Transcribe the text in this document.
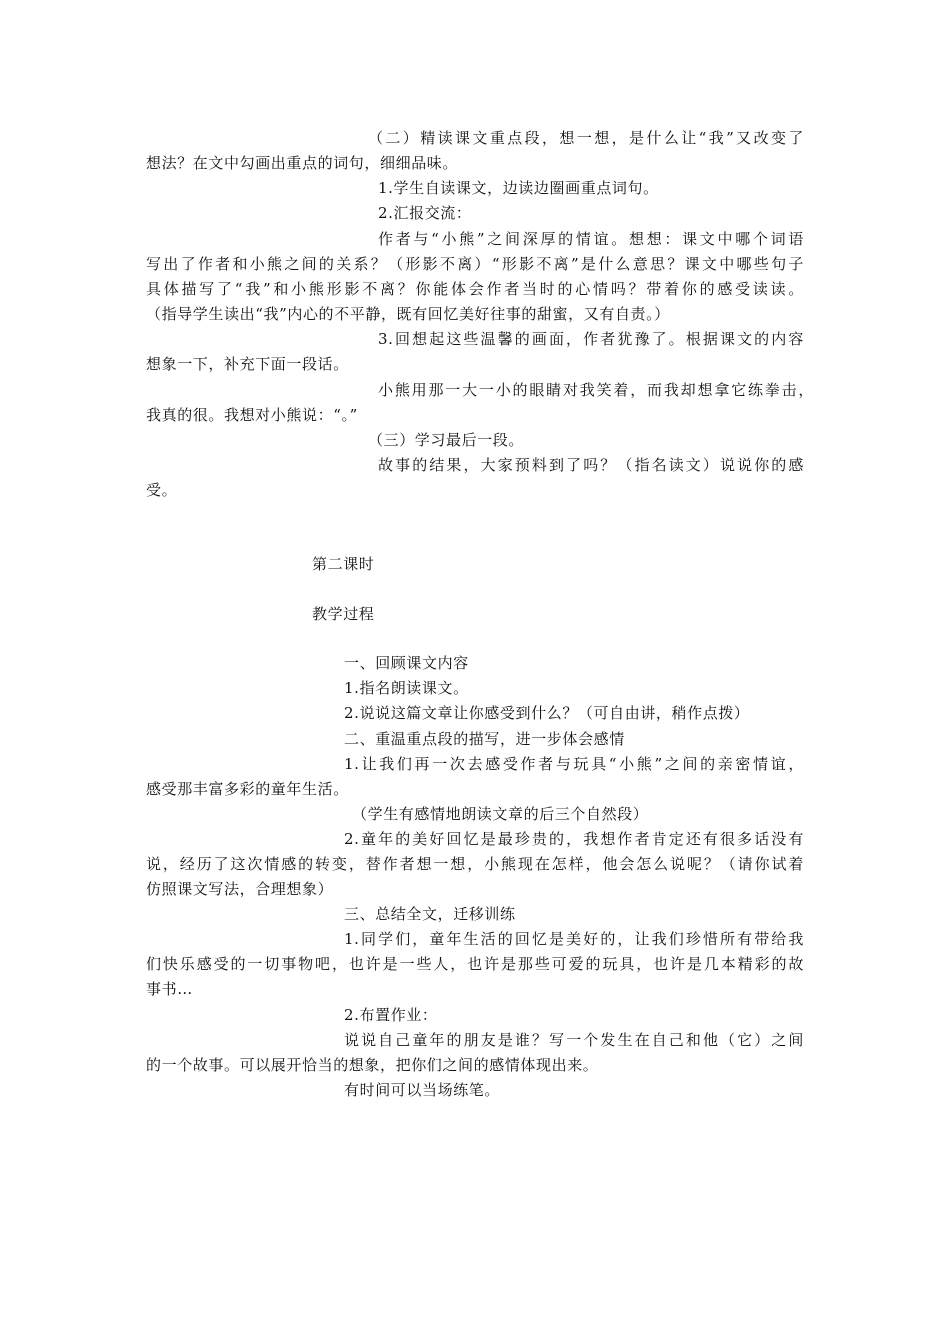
（二）精读课文重点段，想一想，是什么让“我”又改变了
想法？在文中勾画出重点的词句，细细品味。
1.学生自读课文，边读边圈画重点词句。
2.汇报交流：
作者与“小熊”之间深厚的情谊。想想：课文中哪个词语
写出了作者和小熊之间的关系？（形影不离）“形影不离”是什么意思？课文中哪些句子
具体描写了“我”和小熊形影不离？你能体会作者当时的心情吗？带着你的感受读读。
（指导学生读出“我”内心的不平静，既有回忆美好往事的甜蜜，又有自责。）
3.回想起这些温馨的画面，作者犹豫了。根据课文的内容
想象一下，补充下面一段话。
小熊用那一大一小的眼睛对我笑着，而我却想拿它练拳击，
我真的很。我想对小熊说：“。”
（三）学习最后一段。
故事的结果，大家预料到了吗？（指名读文）说说你的感
受。
第二课时
教学过程
一、回顾课文内容
1.指名朗读课文。
2.说说这篇文章让你感受到什么？（可自由讲，稍作点拨）
二、重温重点段的描写，进一步体会感情
1.让我们再一次去感受作者与玩具“小熊”之间的亲密情谊，
感受那丰富多彩的童年生活。
（学生有感情地朗读文章的后三个自然段）
2.童年的美好回忆是最珍贵的，我想作者肯定还有很多话没有
说，经历了这次情感的转变，替作者想一想，小熊现在怎样，他会怎么说呢？（请你试着
仿照课文写法，合理想象）
三、总结全文，迁移训练
1.同学们，童年生活的回忆是美好的，让我们珍惜所有带给我
们快乐感受的一切事物吧，也许是一些人，也许是那些可爱的玩具，也许是几本精彩的故
事书…
2.布置作业：
说说自己童年的朋友是谁？写一个发生在自己和他（它）之间
的一个故事。可以展开恰当的想象，把你们之间的感情体现出来。
有时间可以当场练笔。
